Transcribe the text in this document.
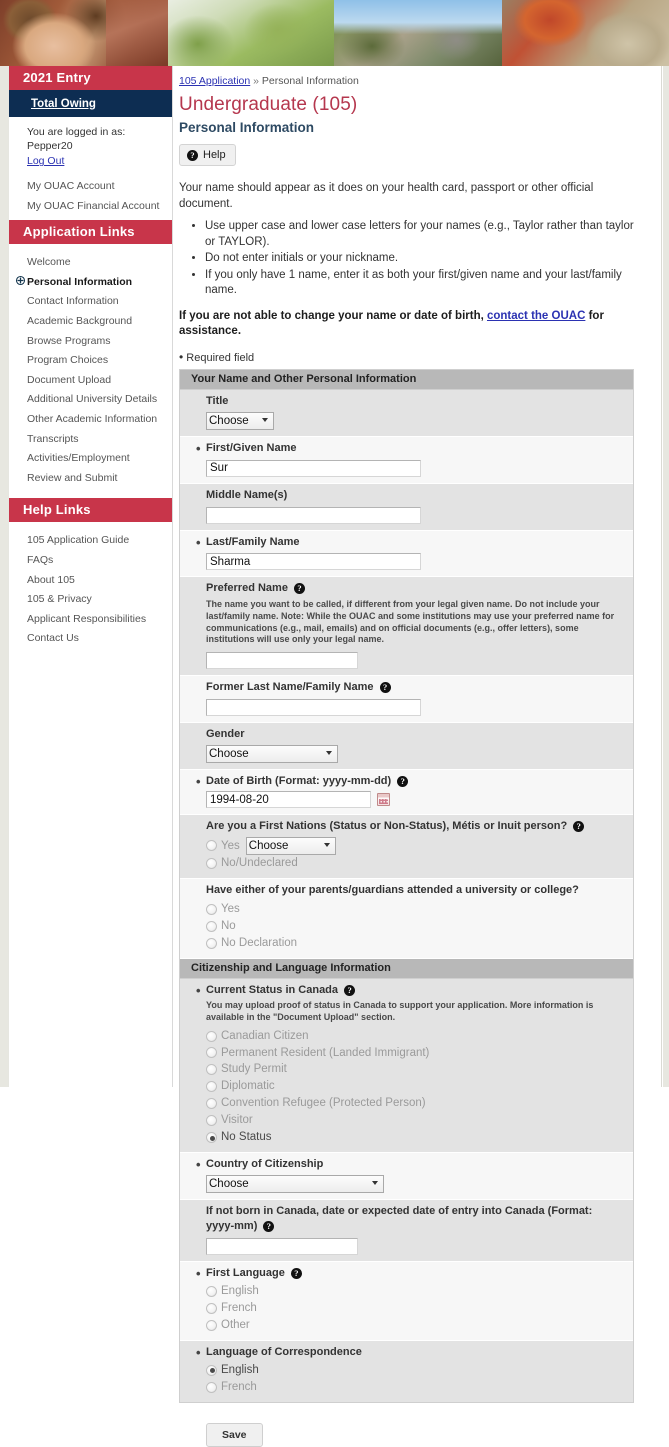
2021 Entry
Total Owing
You are logged in as:
Pepper20
Log Out
My OUAC Account
My OUAC Financial Account
Application Links
Welcome
Personal Information
Contact Information
Academic Background
Browse Programs
Program Choices
Document Upload
Additional University Details
Other Academic Information
Transcripts
Activities/Employment
Review and Submit
Help Links
105 Application Guide
FAQs
About 105
105 & Privacy
Applicant Responsibilities
Contact Us
105 Application » Personal Information
Undergraduate (105)
Personal Information
? Help

Your name should appear as it does on your health card, passport or other official document.

• Use upper case and lower case letters for your names (e.g., Taylor rather than taylor or TAYLOR).
• Do not enter initials or your nickname.
• If you only have 1 name, enter it as both your first/given name and your last/family name.

If you are not able to change your name or date of birth, contact the OUAC for assistance.

• Required field
Your Name and Other Personal Information
Title
Choose
• First/Given Name
Sur
Middle Name(s)
• Last/Family Name
Sharma
Preferred Name ?
The name you want to be called, if different from your legal given name. Do not include your last/family name. Note: While the OUAC and some institutions may use your preferred name for communications (e.g., mail, emails) and on official documents (e.g., offer letters), some institutions will use only your legal name.
Former Last Name/Family Name ?
Gender
Choose
• Date of Birth (Format: yyyy-mm-dd) ?
1994-08-20
Are you a First Nations (Status or Non-Status), Métis or Inuit person? ?
Yes
Choose
No/Undeclared
Have either of your parents/guardians attended a university or college?
Yes
No
No Declaration
Citizenship and Language Information
• Current Status in Canada ?
You may upload proof of status in Canada to support your application. More information is available in the "Document Upload" section.
Canadian Citizen
Permanent Resident (Landed Immigrant)
Study Permit
Diplomatic
Convention Refugee (Protected Person)
Visitor
No Status
• Country of Citizenship
Choose
If not born in Canada, date or expected date of entry into Canada (Format: yyyy-mm) ?
• First Language ?
English
French
Other
• Language of Correspondence
English
French
Save
